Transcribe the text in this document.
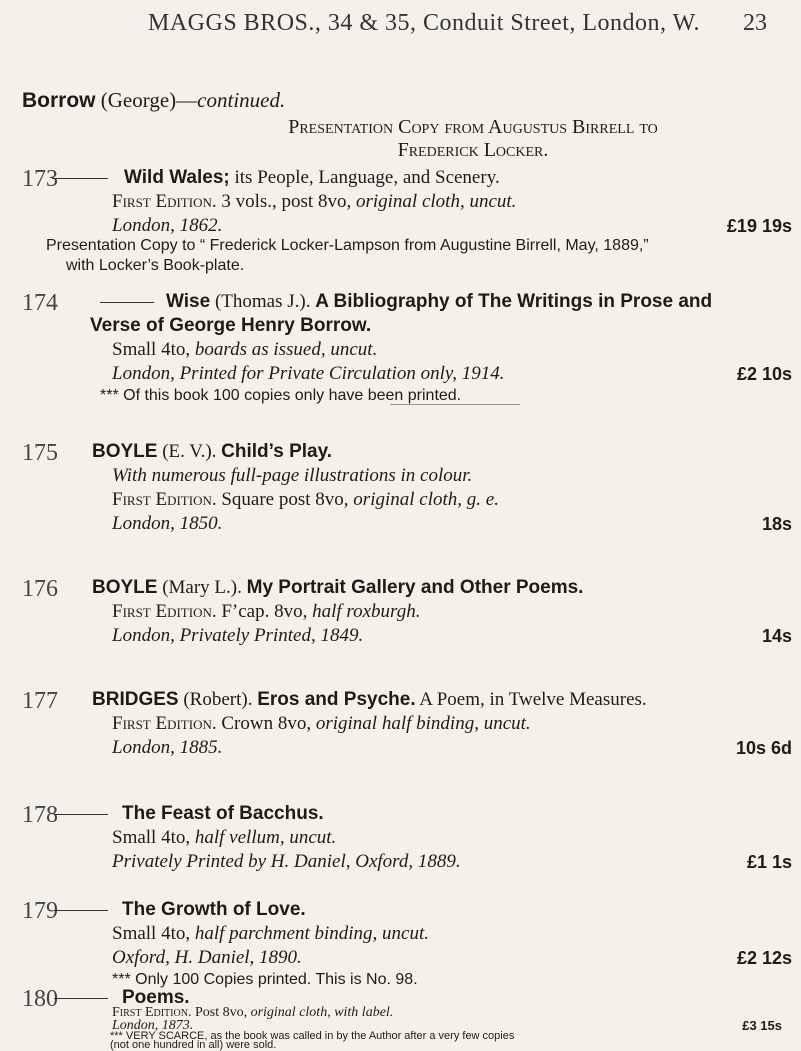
MAGGS BROS., 34 & 35, Conduit Street, London, W. 23
Borrow (George)—continued.
Presentation Copy from Augustus Birrell to
Frederick Locker.
173	Wild Wales; its People, Language, and Scenery.
First Edition. 3 vols., post 8vo, original cloth, uncut.
London, 1862.	£19 19s
Presentation Copy to “ Frederick Locker-Lampson from Augustine Birrell, May, 1889,”
with Locker’s Book-plate.
174	Wise (Thomas J.). A Bibliography of The Writings in Prose and
Verse of George Henry Borrow.
Small 4to, boards as issued, uncut.
London, Printed for Private Circulation only, 1914.	£2 10s
*** Of this book 100 copies only have been printed.
175	BOYLE (E. V.). Child’s Play.
With numerous full-page illustrations in colour.
First Edition. Square post 8vo, original cloth, g. e.
London, 1850.	18s
176	BOYLE (Mary L.). My Portrait Gallery and Other Poems.
First Edition. F’cap. 8vo, half roxburgh.
London, Privately Printed, 1849.	14s
177	BRIDGES (Robert). Eros and Psyche. A Poem, in Twelve Measures.
First Edition. Crown 8vo, original half binding, uncut.
London, 1885.	10s 6d
178	The Feast of Bacchus.
Small 4to, half vellum, uncut.
Privately Printed by H. Daniel, Oxford, 1889.	£1 1s
179	The Growth of Love.
Small 4to, half parchment binding, uncut.
Oxford, H. Daniel, 1890.	£2 12s
*** Only 100 Copies printed. This is No. 98.
180	Poems.
First Edition. Post 8vo, original cloth, with label.
London, 1873.	£3 15s
*** VERY SCARCE, as the book was called in by the Author after a very few copies
(not one hundred in all) were sold.
